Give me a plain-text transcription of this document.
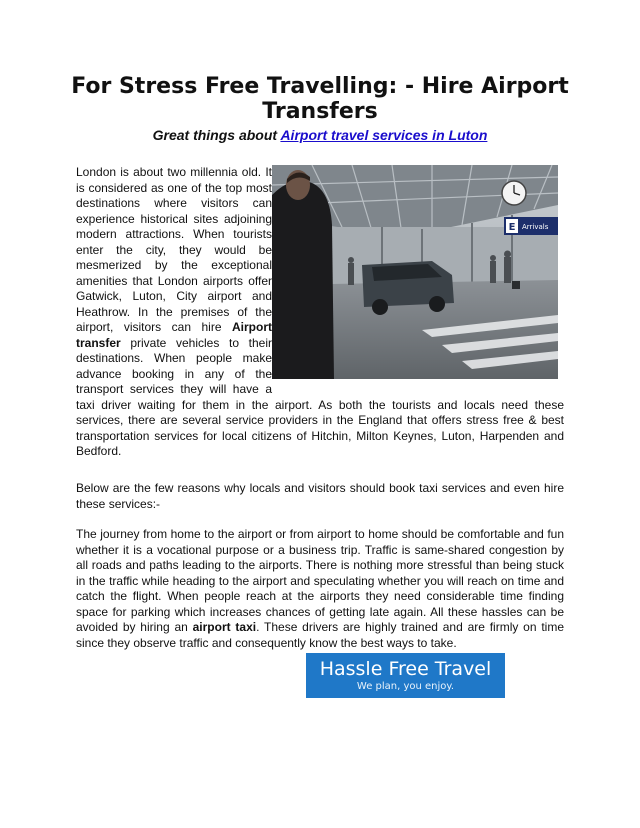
For Stress Free Travelling: - Hire Airport Transfers
Great things about Airport travel services in Luton

London is about two millennia old. It is considered as one of the top most destinations where visitors can experience historical sites adjoining modern attractions. When tourists enter the city, they would be mesmerized by the exceptional amenities that London airports offer Gatwick, Luton, City airport and Heathrow. In the premises of the airport, visitors can hire Airport transfer private vehicles to their destinations. When people make advance booking in any of the transport services they will have a taxi driver waiting for them in the airport. As both the tourists and locals need these services, there are several service providers in the England that offers stress free & best transportation services for local citizens of Hitchin, Milton Keynes, Luton, Harpenden and Bedford.

Below are the few reasons why locals and visitors should book taxi services and even hire these services:-

The journey from home to the airport or from airport to home should be comfortable and fun whether it is a vocational purpose or a business trip. Traffic is same-shared congestion by all roads and paths leading to the airports. There is nothing more stressful than being stuck in the traffic while heading to the airport and speculating whether you will reach on time and catch the flight. When people reach at the airports they need considerable time finding space for parking which increases chances of getting late again. All these hassles can be avoided by hiring an airport taxi. These drivers are highly trained and are firmly on time since they observe traffic and consequently know the best ways to take.

E Arrivals
Hassle Free Travel
We plan, you enjoy.
